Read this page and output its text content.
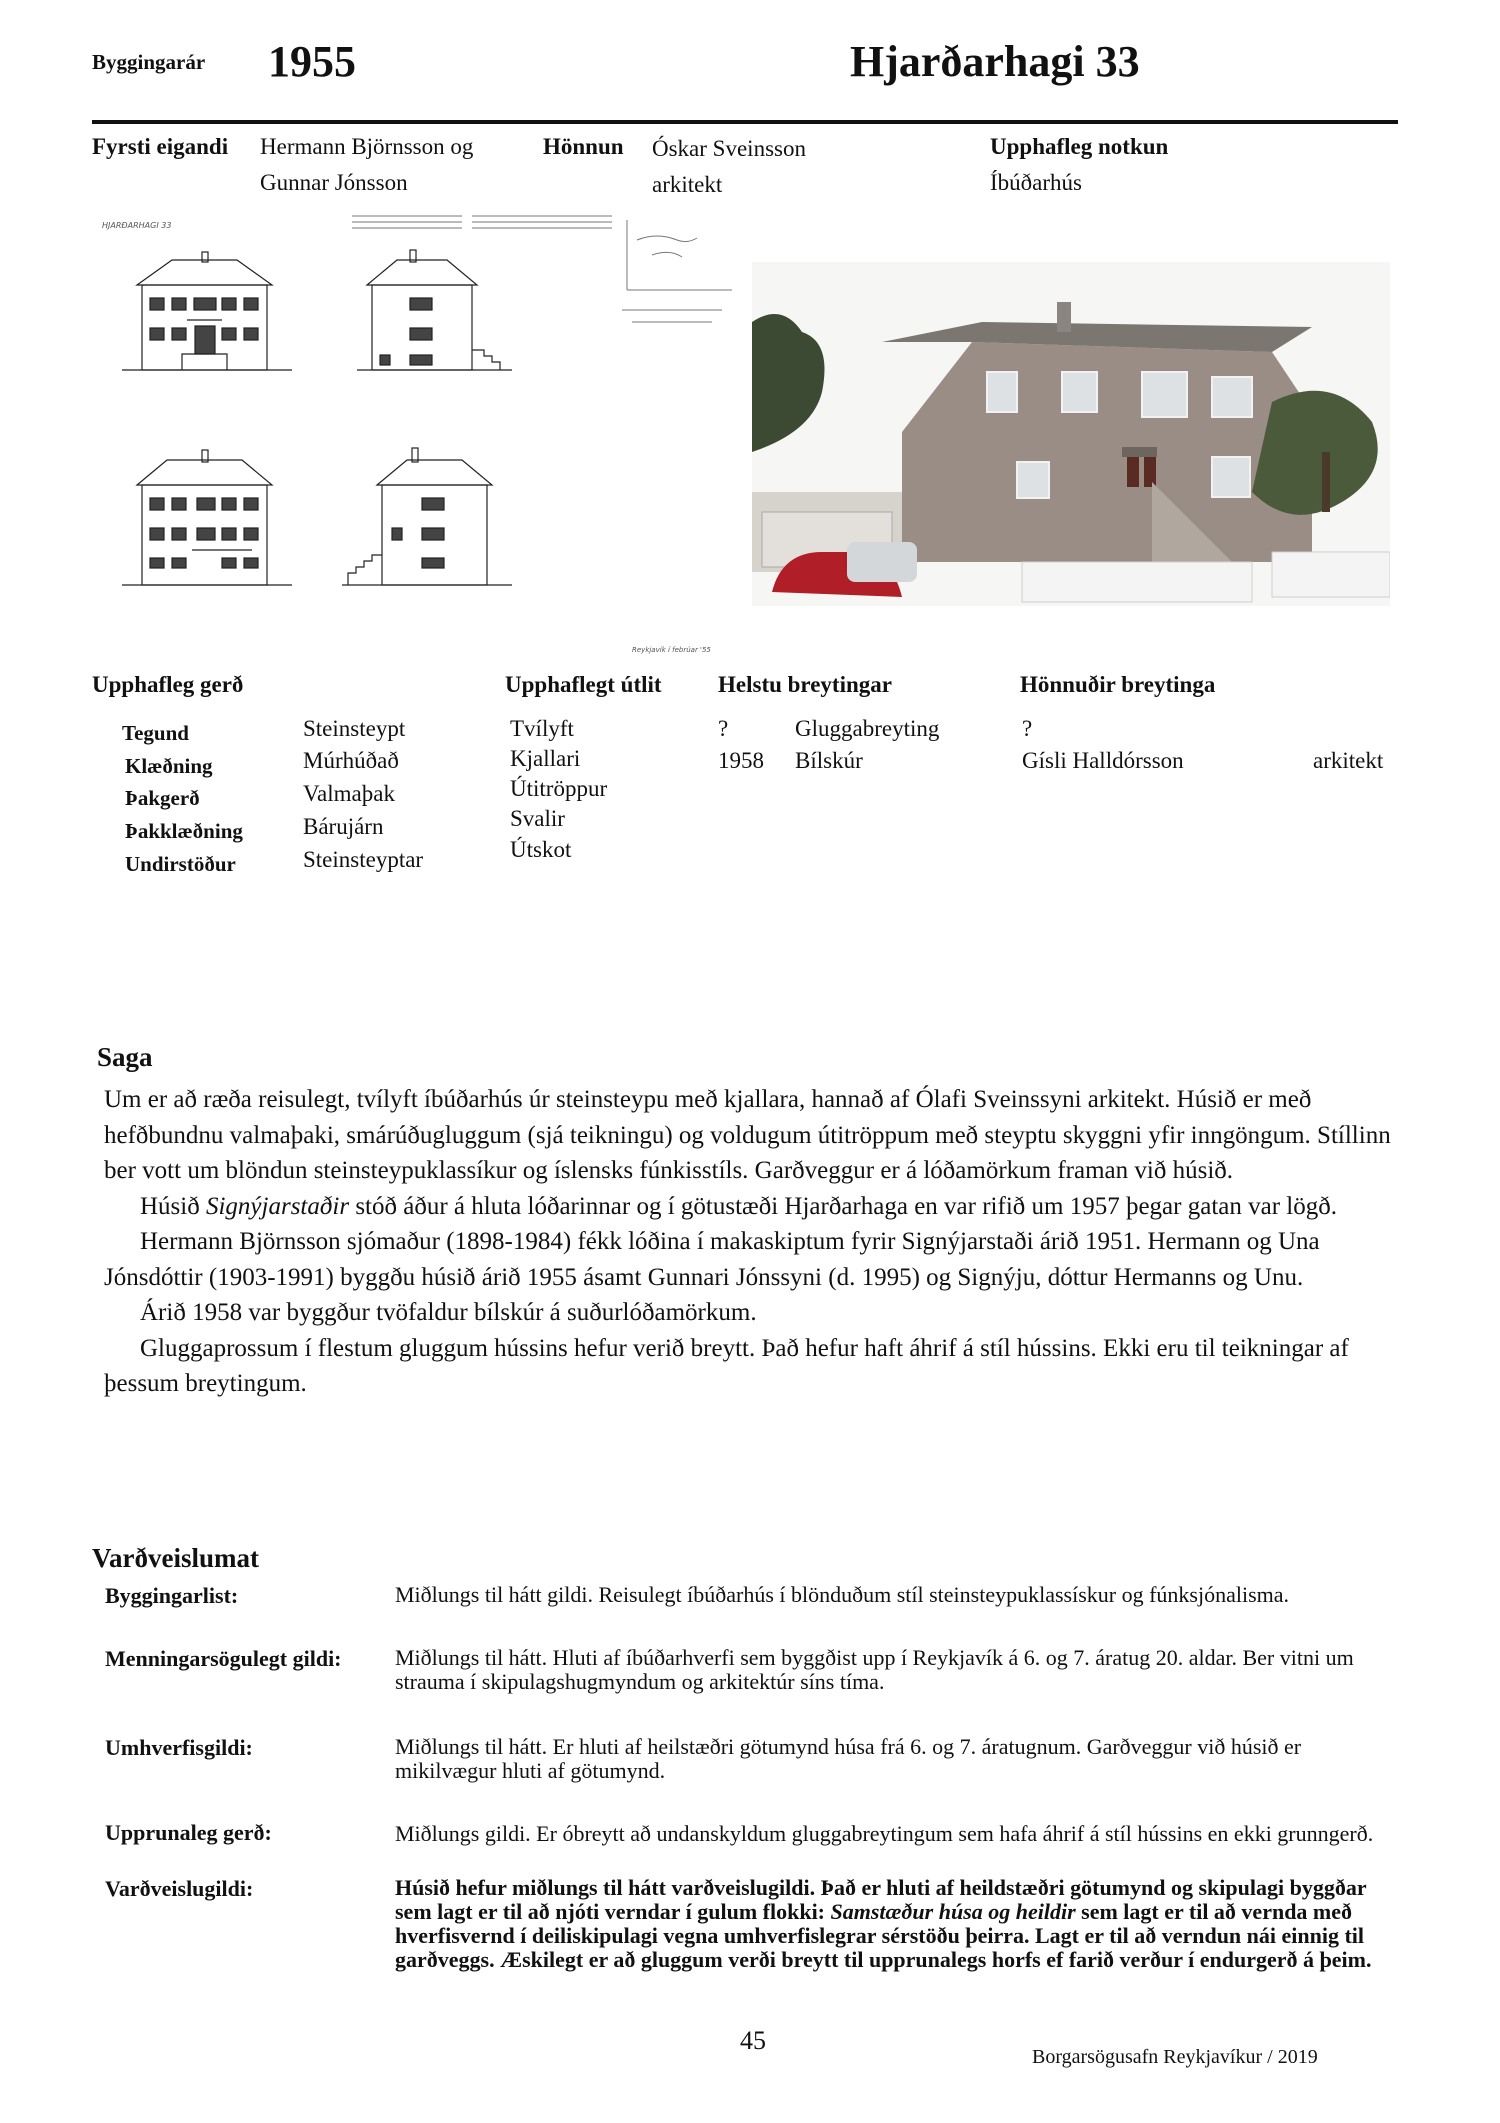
Byggingarár 1955	Hjarðarhagi 33
Fyrsti eigandi Hermann Björnsson og
Gunnar Jónsson
Hönnun Óskar Sveinsson
arkitekt
Upphafleg notkun
Íbúðarhús
HJARÐARHAGI 33
Reykjavík í febrúar '55
Upphafleg gerð	Upphaflegt útlit Helstu breytingar	Hönnuðir breytinga
Tegund	Steinsteypt
Klæðning	Múrhúðað
Þakgerð	Valmaþak
Þakklæðning	Bárujárn
Undirstöður	Steinsteyptar
Tvílyft
Kjallari
Útitröppur
Svalir
Útskot
?	Gluggabreyting	?
1958 Bílskúr	Gísli Halldórsson	arkitekt
Saga

Um er að ræða reisulegt, tvílyft íbúðarhús úr steinsteypu með kjallara, hannað af Ólafi Sveinssyni arkitekt. Húsið er með hefðbundnu valmaþaki, smárúðugluggum (sjá teikningu) og voldugum útitröppum með steyptu skyggni yfir inngöngum. Stíllinn ber vott um blöndun steinsteypuklassíkur og íslensks fúnkisstíls. Garðveggur er á lóðamörkum framan við húsið.

Húsið Signýjarstaðir stóð áður á hluta lóðarinnar og í götustæði Hjarðarhaga en var rifið um 1957 þegar gatan var lögð.

Hermann Björnsson sjómaður (1898-1984) fékk lóðina í makaskiptum fyrir Signýjarstaði árið 1951. Hermann og Una Jónsdóttir (1903-1991) byggðu húsið árið 1955 ásamt Gunnari Jónssyni (d. 1995) og Signýju, dóttur Hermanns og Unu.

Árið 1958 var byggður tvöfaldur bílskúr á suðurlóðamörkum.

Gluggaprossum í flestum gluggum hússins hefur verið breytt. Það hefur haft áhrif á stíl hússins. Ekki eru til teikningar af þessum breytingum.

Varðveislumat
Byggingarlist:	Miðlungs til hátt gildi. Reisulegt íbúðarhús í blönduðum stíl steinsteypuklassískur og fúnksjónalisma.
Menningarsögulegt gildi: Miðlungs til hátt. Hluti af íbúðarhverfi sem byggðist upp í Reykjavík á 6. og 7. áratug 20. aldar. Ber vitni um strauma í skipulagshugmyndum og arkitektúr síns tíma.
Umhverfisgildi:	Miðlungs til hátt. Er hluti af heilstæðri götumynd húsa frá 6. og 7. áratugnum. Garðveggur við húsið er mikilvægur hluti af götumynd.
Upprunaleg gerð:	Miðlungs gildi. Er óbreytt að undanskyldum gluggabreytingum sem hafa áhrif á stíl hússins en ekki grunngerð.
Varðveislugildi:	Húsið hefur miðlungs til hátt varðveislugildi. Það er hluti af heildstæðri götumynd og skipulagi byggðar sem lagt er til að njóti verndar í gulum flokki: Samstæður húsa og heildir sem lagt er til að vernda með hverfisvernd í deiliskipulagi vegna umhverfislegrar sérstöðu þeirra. Lagt er til að verndun nái einnig til garðveggs. Æskilegt er að gluggum verði breytt til upprunalegs horfs ef farið verður í endurgerð á þeim.
45
Borgarsögusafn Reykjavíkur / 2019
